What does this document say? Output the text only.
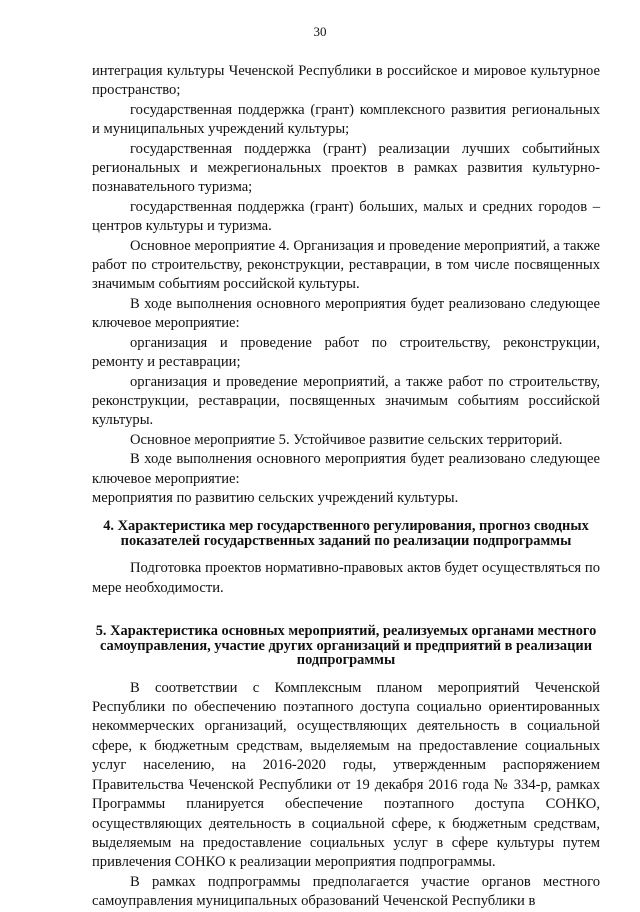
30

интеграция культуры Чеченской Республики в российское и мировое культурное пространство;

государственная поддержка (грант) комплексного развития региональных и муниципальных учреждений культуры;

государственная поддержка (грант) реализации лучших событийных региональных и межрегиональных проектов в рамках развития культурно-познавательного туризма;

государственная поддержка (грант) больших, малых и средних городов – центров культуры и туризма.

Основное мероприятие 4. Организация и проведение мероприятий, а также работ по строительству, реконструкции, реставрации, в том числе посвященных значимым событиям российской культуры.

В ходе выполнения основного мероприятия будет реализовано следующее ключевое мероприятие:

организация и проведение работ по строительству, реконструкции, ремонту и реставрации;

организация и проведение мероприятий, а также работ по строительству, реконструкции, реставрации, посвященных значимым событиям российской культуры.

Основное мероприятие 5. Устойчивое развитие сельских территорий.

В ходе выполнения основного мероприятия будет реализовано следующее ключевое мероприятие:

мероприятия по развитию сельских учреждений культуры.

4. Характеристика мер государственного регулирования, прогноз сводных показателей государственных заданий по реализации подпрограммы

Подготовка проектов нормативно-правовых актов будет осуществляться по мере необходимости.

5. Характеристика основных мероприятий, реализуемых органами местного самоуправления, участие других организаций и предприятий в реализации подпрограммы

В соответствии с Комплексным планом мероприятий Чеченской Республики по обеспечению поэтапного доступа социально ориентированных некоммерческих организаций, осуществляющих деятельность в социальной сфере, к бюджетным средствам, выделяемым на предоставление социальных услуг населению, на 2016-2020 годы, утвержденным распоряжением Правительства Чеченской Республики от 19 декабря 2016 года № 334-р, рамках Программы планируется обеспечение поэтапного доступа СОНКО, осуществляющих деятельность в социальной сфере, к бюджетным средствам, выделяемым на предоставление социальных услуг в сфере культуры путем привлечения СОНКО к реализации мероприятия подпрограммы.

В рамках подпрограммы предполагается участие органов местного самоуправления муниципальных образований Чеченской Республики в
